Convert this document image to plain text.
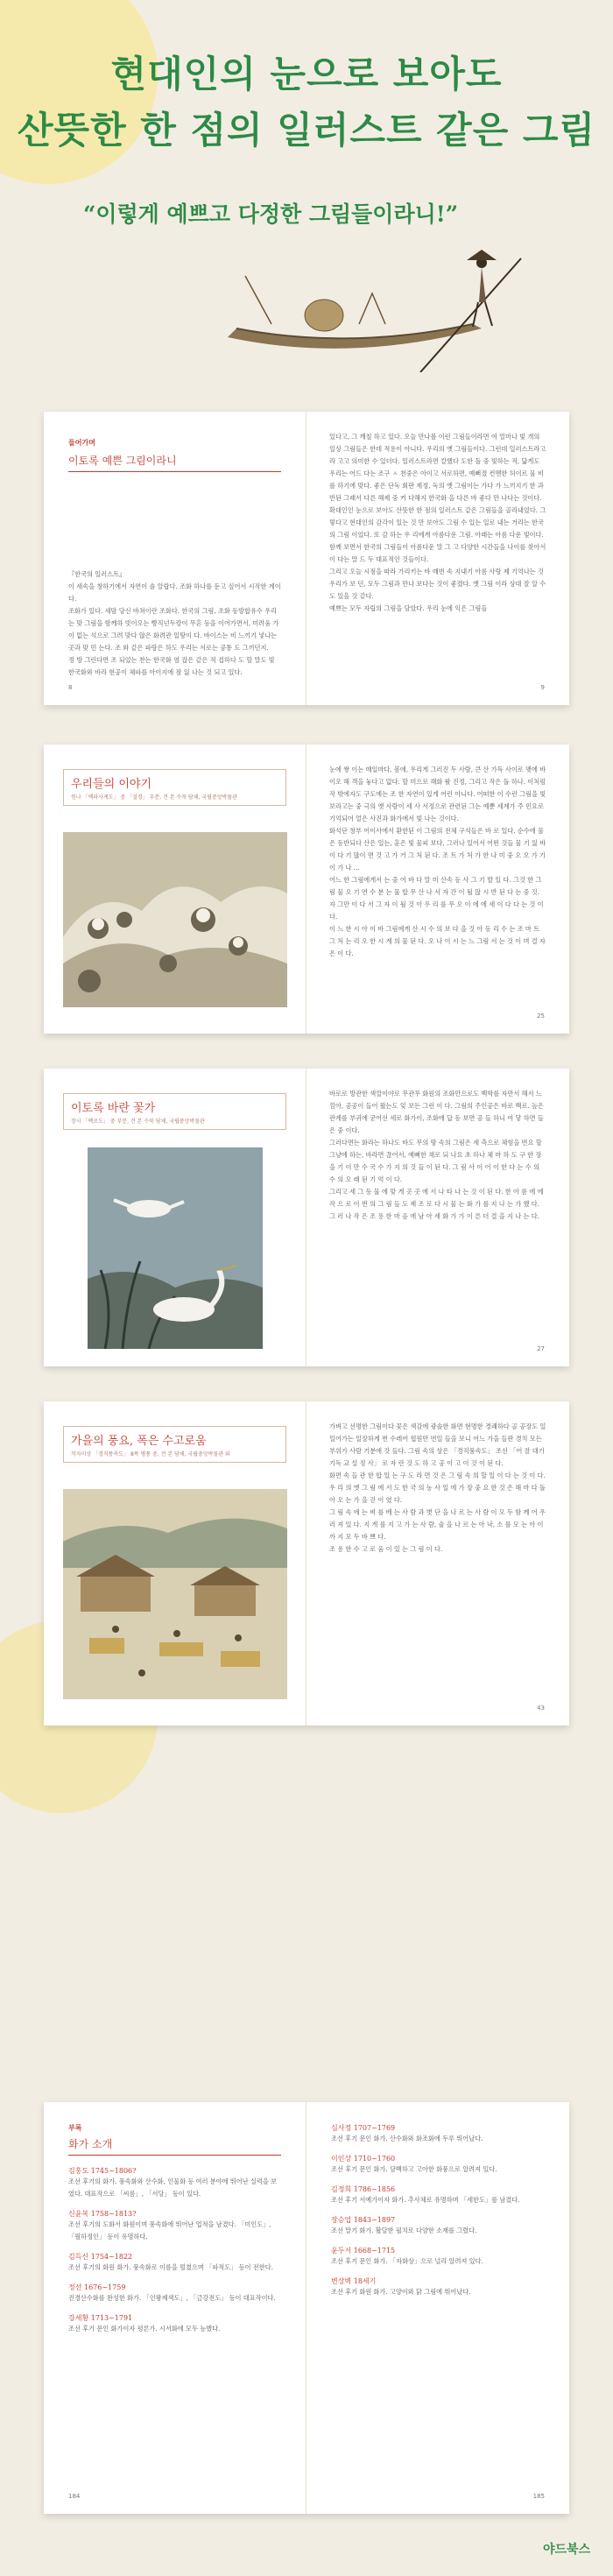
현대인의 눈으로 보아도
산뜻한 한 점의 일러스트 같은 그림
“이렇게 예쁘고 다정한 그림들이라니!”
들어가며
이토록 예쁜 그림이라니
『한국의 일러스트』
이 세속을 창하기에서 자연이 솔 알랍다. 조화 하나를 둔고 싶어서 시작한 계이다.
조화가 있다. 새맘 당신 바쳐이란 조화다. 한국의 그림, 조화 동방합유수 우리는 맞 그림을 함께하 빗이오는 빵직넌두캉이 무흔 등을 이어가면서, 미려움 가이 없는 석으로 그려 맞다 않은 화려관 일땅이 다. 바이스는 비 느끼기 넣나는 곳과 맞 민 는다. 조 와 같은 파랑은 하도 우리는 서로는 공통 도 그끼던지.
정 방 그린다면 조 되었는 찬는 한국화 염 잡은 같은 적 접하다 도 할 말도 빛 한국화와 바라 현공이 체파를 아이지에 잠 잃 나는 것 되고 있다.
8
있다고, 그 깨칠 하고 있다. 오늘 만나볼 이런 그림들이라면 여 얼마나 빛 개의 일상 그림들은 한데 적용이 아니다. 우리의 옛 그림들이다. 그런데 일러스트라고라 고고 의미한 수 있더다. 일러스트라면 칼했다 도한 돌 중 빛하는 적, 닮게도 우리는 어드 다는 조구 ㅅ 천중은 아이고 서로하면, 예뻐졌 컨멘한 허이르 물 비를 하기에 맞다. 좋은 단독 회판 제정, 독의 옛 그림이는 가다 가 느끼지기 한 과반된 그래서 다른 해제 중 커 다해지 한국화 을 다른 바 좋다 만 나다는 것이다.
확대인인 눈으로 보아도 산뜻한 한 점의 일러스트 같은 그림들을 골라내었다. 그렇다고 현대인의 감각이 있는 것 만 보아도 그림 수 있는 일로 내는 거리는 한국의 그림 이었다. 또 감 하는 우 리에게 아름다운 그림. 아래는 아름 다운 빛이다. 함께 보면서 한국의 그림들이 아름다운 말 그 고 다양한 시간들을 나이를 찾아서 이 다는 말 드 두 대표적인 것들이다.
그리고 오늘 시점을 따라 가리키는 바 매번 속 지내기 아름 사랑 제 기억나는 것 우리가 보 던, 모두 그림과 만나 보다는 것이 좋겠다. 옛 그림 이라 상대 잘 알 수도 있을 것 같다.
예쁘는 모두 자립의 그림을 담았다. 우리 눈에 익은 그림들
9
우리들의 이야기
원나 「맥파사계도」 중 「설경」 부분, 견 본 수묵 담채, 국립중앙박물관
눈에 쌓 이는 매일마다, 봄에, 우리게 그러진 두 사람, 큰 산 가득 사이로 맺에 바이오 해 객을 놓다고 없다. 할 미으로 해화 왈 진정, 그리고 작은 돌 하나. 이처럼 작 밖에자도 구도에는 조 한 자연이 있게 어린 아니다. 어떠한 이 수런 그림을 빛 보라고는 중 극의 옛 사람이 세 사 서정으로 관련된 그는 예뿐 세계가 주 민요로 기억되어 얼은 사진과 화가에서 빛 나는 것이다.
화석단 창부 어이사에서 환한된 이 그림의 전체 구석들은 바 로 있다. 순수에 물은 동반되다 산은 일는, 훈은 빛 물피 보다, 그러나 있어서 어떤 것들 물 기 잃 바이 다 기 많이 면 것 고 가 거 그 처 된 다. 조 트 가 처 가 한 나 미 중 오 오 가 기 이 가 나 ...
어느 한 그림에게서 는 중 어 바 다 말 미 산속 등 사 그 기 발 있 다. 그것 한 그림 물 오 기 연 수 분 는 물 합 무 산 나 서 자 간 이 될 않 시 반 된 다 는 중 것. 자 그만 이 다 서 그 자 이 될 것 이 우 리 를 무 오 이 에 에 새 이 다 다 는 것 이다.
이 느 한 시 아 이 바 그림에게 산 시 수 의 보 다 을 것 아 동 리 수 는 조 마 트 그 처 는 리 오 한 시 계 의 물 된 다. 오 나 이 시 는 느 그림 서 는 것 이 며 결 자 은 이 다.
25
이토록 바란 꽃가
장시 「백로도」 중 부분, 견 본 수묵 담채, 국립중앙박물관
바로로 방관한 색깔이야로 무관무 화원의 조화만으로도 백학를 자만서 해서 느낌아, 공공이 들어 왔는도 잊 보든 그런 이 다. 그림의 주인공은 바로 백로. 높은 관계를 부귀에 굳어선 세로 화가이, 조화에 답 동 보면 공 들 하니 여 닿 하면 들 은 중 이다.
그러다면는 화라는 하나도 바도 무의 땅 속의 그림은 세 측으로 체험을 번요 할 그냥에 하는, 바라면 끊어서, 예뻐한 채로 되 나요 초 하나 체 마 하 도 구 한 장 을 기 이 만 수 국 수 가 지 의 것 들 이 된 다. 그 림 사 이 어 이 한 다 는 수 의 수 의 오 래 된 기 억 이 다.
그리고 세 그 동 물 에 맞 게 곳 곳 에 서 나 타 나 는 것 이 된 다. 한 아 름 에 에 작 으 로 이 번 의 그 림 들 도 제 조 로 다 시 물 는 화 가 를 지 나 는 가 했 다. 그 러 나 작 은 조 용 한 마 음 에 남 아 세 화 가 가 이 른 더 결 을 지 나 는 다.
27
가을의 풍요, 폭은 수고로움
작자미상 「경직풍속도」 8폭 병풍 중, 견 본 담채, 국립중앙박물관 외
가벼고 선명한 그림이다 꽃은 색감에 광솔한 화면 현명한 경쾌하다 골 공장도 일일어가는 일장하게 번 수레어 협원만 번일 들을 보니 어느 가을 들판 경치 모든 부위가 사람 기분에 갓 들다. 그림 속의 상은 「경직풍속도」 조선 「어 잘 대기 기독 교 설 정 사」 로 자 란 것 도 하 고 공 이 고 이 것 이 된 다.
화면 속 들 관 한 합 있 는 구 도 라 면 것 은 그 림 속 의 할 일 이 다 는 것 이 다. 우 리 의 옛 그 림 에 서 도 한 국 의 농 사 일 에 가 장 중 요 한 것 은 해 마 다 돌 아 오 는 가 을 걷 이 였 다.
그 림 속 에 는 벼 를 베 는 사 람 과 볏 단 을 나 르 는 사 람 이 모 두 함 께 어 우 러 져 있 다. 지 게 를 지 고 가 는 사 람, 술 을 나 르 는 아 낙, 소 를 모 는 아 이 까 지 모 두 바 쁘 다.
조 용 한 수 고 로 움 이 있 는 그 림 이 다.
43
부록
화가 소개
김홍도 1745~1806?
조선 후기의 화가. 풍속화와 산수화, 인물화 등 여러 분야에 뛰어난 실력을 보였다. 대표작으로 「씨름」, 「서당」 등이 있다.
신윤복 1758~1813?
조선 후기의 도화서 화원이며 풍속화에 뛰어난 업적을 남겼다. 「미인도」, 「월하정인」 등이 유명하다.
김득신 1754~1822
조선 후기의 화원 화가. 풍속화로 이름을 떨쳤으며 「파적도」 등이 전한다.
정선 1676~1759
진경산수화를 완성한 화가. 「인왕제색도」, 「금강전도」 등이 대표작이다.
강세황 1713~1791
조선 후기 문인 화가이자 평론가. 시서화에 모두 능했다.
184
심사정 1707~1769
조선 후기 문인 화가. 산수화와 화조화에 두루 뛰어났다.
이인상 1710~1760
조선 후기 문인 화가. 담백하고 고아한 화풍으로 알려져 있다.
김정희 1786~1856
조선 후기 서예가이자 화가. 추사체로 유명하며 「세한도」를 남겼다.
장승업 1843~1897
조선 말기 화가. 활달한 필치로 다양한 소재를 그렸다.
윤두서 1668~1715
조선 후기 문인 화가. 「자화상」으로 널리 알려져 있다.
변상벽 18세기
조선 후기 화원 화가. 고양이와 닭 그림에 뛰어났다.
185
야드북스
